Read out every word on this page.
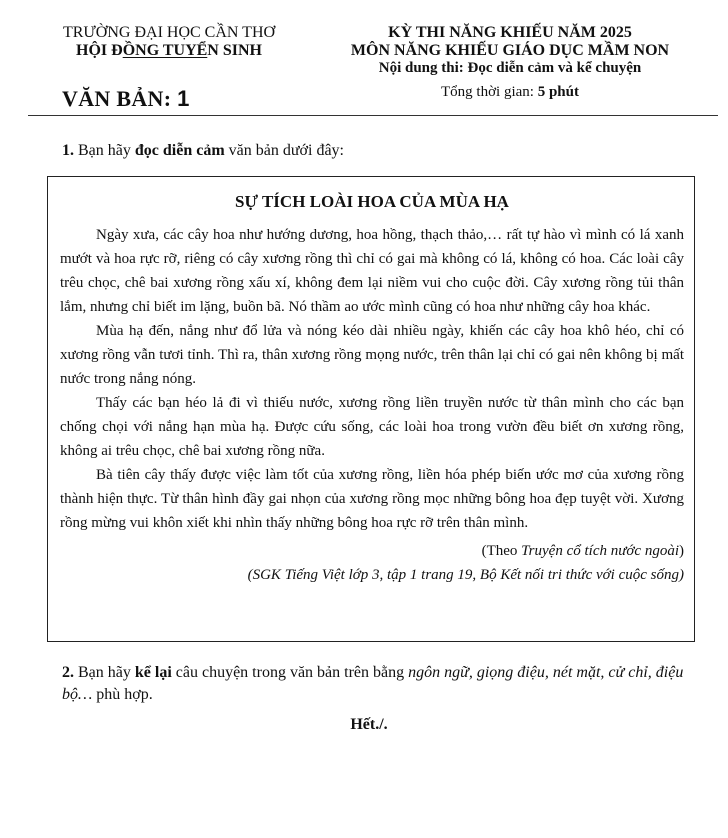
TRƯỜNG ĐẠI HỌC CẦN THƠ
HỘI ĐỒNG TUYỂN SINH
VĂN BẢN: 1
KỲ THI NĂNG KHIẾU NĂM 2025
MÔN NĂNG KHIẾU GIÁO DỤC MẦM NON
Nội dung thi: Đọc diễn cảm và kể chuyện
Tổng thời gian: 5 phút
1. Bạn hãy đọc diễn cảm văn bản dưới đây:
SỰ TÍCH LOÀI HOA CỦA MÙA HẠ

Ngày xưa, các cây hoa như hướng dương, hoa hồng, thạch thảo,… rất tự hào vì mình có lá xanh mướt và hoa rực rỡ, riêng có cây xương rồng thì chỉ có gai mà không có lá, không có hoa. Các loài cây trêu chọc, chê bai xương rồng xấu xí, không đem lại niềm vui cho cuộc đời. Cây xương rồng tủi thân lắm, nhưng chỉ biết im lặng, buồn bã. Nó thầm ao ước mình cũng có hoa như những cây hoa khác.

Mùa hạ đến, nắng như đổ lửa và nóng kéo dài nhiều ngày, khiến các cây hoa khô héo, chỉ có xương rồng vẫn tươi tỉnh. Thì ra, thân xương rồng mọng nước, trên thân lại chỉ có gai nên không bị mất nước trong nắng nóng.

Thấy các bạn héo lả đi vì thiếu nước, xương rồng liền truyền nước từ thân mình cho các bạn chống chọi với nắng hạn mùa hạ. Được cứu sống, các loài hoa trong vườn đều biết ơn xương rồng, không ai trêu chọc, chê bai xương rồng nữa.

Bà tiên cây thấy được việc làm tốt của xương rồng, liền hóa phép biến ước mơ của xương rồng thành hiện thực. Từ thân hình đầy gai nhọn của xương rồng mọc những bông hoa đẹp tuyệt vời. Xương rồng mừng vui khôn xiết khi nhìn thấy những bông hoa rực rỡ trên thân mình.

(Theo Truyện cổ tích nước ngoài)

(SGK Tiếng Việt lớp 3, tập 1 trang 19, Bộ Kết nối tri thức với cuộc sống)

2. Bạn hãy kể lại câu chuyện trong văn bản trên bằng ngôn ngữ, giọng điệu, nét mặt, cử chỉ, điệu bộ… phù hợp.
Hết./.
